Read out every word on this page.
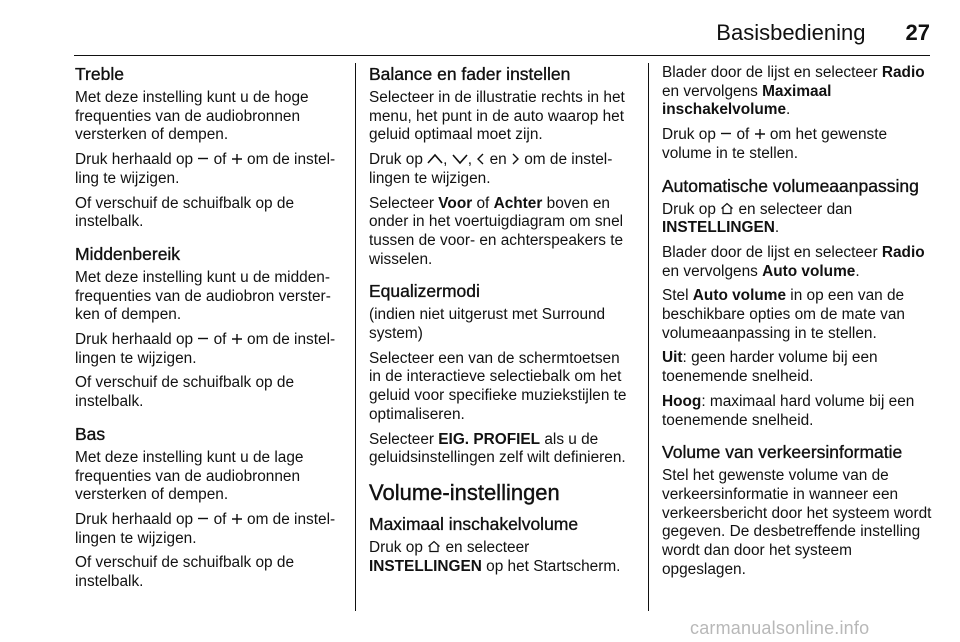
Basisbediening 27
Treble

Met deze instelling kunt u de hoge frequenties van de audiobronnen versterken of dempen.

Druk herhaald op  of  om de instelling te wijzigen.

Of verschuif de schuifbalk op de instelbalk.

Middenbereik

Met deze instelling kunt u de middenfrequenties van de audiobron versterken of dempen.

Druk herhaald op  of  om de instellingen te wijzigen.

Of verschuif de schuifbalk op de instelbalk.

Bas

Met deze instelling kunt u de lage frequenties van de audiobronnen versterken of dempen.

Druk herhaald op  of  om de instellingen te wijzigen.

Of verschuif de schuifbalk op de instelbalk.

Balance en fader instellen

Selecteer in de illustratie rechts in het menu, het punt in de auto waarop het geluid optimaal moet zijn.

Druk op , ,  en  om de instellingen te wijzigen.

Selecteer Voor of Achter boven en onder in het voertuigdiagram om snel tussen de voor- en achterspeakers te wisselen.

Equalizermodi

(indien niet uitgerust met Surround system)

Selecteer een van de schermtoetsen in de interactieve selectiebalk om het geluid voor specifieke muziekstijlen te optimaliseren.

Selecteer EIG. PROFIEL als u de geluidsinstellingen zelf wilt definieren.

Volume-instellingen
Maximaal inschakelvolume

Druk op  en selecteer
INSTELLINGEN op het Startscherm.

Blader door de lijst en selecteer Radio en vervolgens Maximaal inschakelvolume.

Druk op  of  om het gewenste volume in te stellen.

Automatische volumeaanpassing

Druk op  en selecteer dan INSTELLINGEN.

Blader door de lijst en selecteer Radio en vervolgens Auto volume.

Stel Auto volume in op een van de beschikbare opties om de mate van volumeaanpassing in te stellen.

Uit: geen harder volume bij een toenemende snelheid.

Hoog: maximaal hard volume bij een toenemende snelheid.

Volume van verkeersinformatie

Stel het gewenste volume van de verkeersinformatie in wanneer een verkeersbericht door het systeem wordt gegeven. De desbetreffende instelling wordt dan door het systeem opgeslagen.

carmanualsonline.info
